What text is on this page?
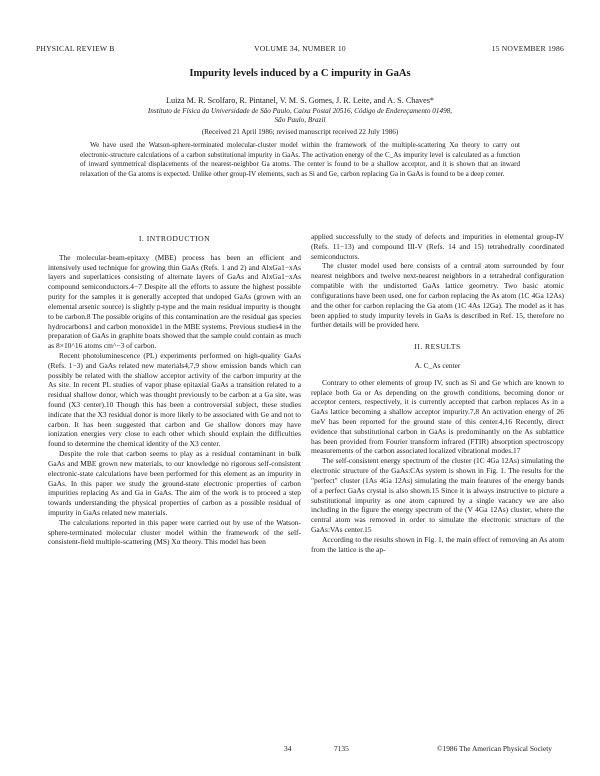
PHYSICAL REVIEW B	VOLUME 34, NUMBER 10	15 NOVEMBER 1986
Impurity levels induced by a C impurity in GaAs
Luiza M. R. Scolfaro, R. Pintanel, V. M. S. Gomes, J. R. Leite, and A. S. Chaves*
Instituto de Física da Universidade de São Paulo, Caixa Postal 20516, Código de Endereçamento 01498,
São Paulo, Brazil
(Received 21 April 1986; revised manuscript received 22 July 1986)

We have used the Watson-sphere-terminated molecular-cluster model within the framework of the multiple-scattering Xα theory to carry out electronic-structure calculations of a carbon substitutional impurity in GaAs. The activation energy of the C_As impurity level is calculated as a function of inward symmetrical displacements of the nearest-neighbor Ga atoms. The center is found to be a shallow acceptor, and it is shown that an inward relaxation of the Ga atoms is expected. Unlike other group-IV elements, such as Si and Ge, carbon replacing Ga in GaAs is found to be a deep center.

I. INTRODUCTION

The molecular-beam-epitaxy (MBE) process has been an efficient and intensively used technique for growing thin GaAs (Refs. 1 and 2) and AlxGa1−xAs layers and superlattices consisting of alternate layers of GaAs and AlxGa1−xAs compound semiconductors.4−7 Despite all the efforts to assure the highest possible purity for the samples it is generally accepted that undoped GaAs (grown with an elemental arsenic source) is slightly p-type and the main residual impurity is thought to be carbon.8 The possible origins of this contamination are the residual gas species hydrocarbons1 and carbon monoxide1 in the MBE systems. Previous studies4 in the preparation of GaAs in graphite boats showed that the sample could contain as much as 8×10^16 atoms cm^−3 of carbon.

Recent photoluminescence (PL) experiments performed on high-quality GaAs (Refs. 1−3) and GaAs related new materials4,7,9 show emission bands which can possibly be related with the shallow acceptor activity of the carbon impurity at the As site. In recent PL studies of vapor phase epitaxial GaAs a transition related to a residual shallow donor, which was thought previously to be carbon at a Ga site, was found (X3 center).10 Though this has been a controversial subject, these studies indicate that the X3 residual donor is more likely to be associated with Ge and not to carbon. It has been suggested that carbon and Ge shallow donors may have ionization energies very close to each other which should explain the difficulties found to determine the chemical identity of the X3 center.

Despite the role that carbon seems to play as a residual contaminant in bulk GaAs and MBE grown new materials, to our knowledge no rigorous self-consistent electronic-state calculations have been performed for this element as an impurity in GaAs. In this paper we study the ground-state electronic properties of carbon impurities replacing As and Ga in GaAs. The aim of the work is to proceed a step towards understanding the physical properties of carbon as a possible residual of impurity in GaAs related new materials.

The calculations reported in this paper were carried out by use of the Watson-sphere-terminated molecular cluster model within the framework of the self-consistent-field multiple-scattering (MS) Xα theory. This model has been

applied successfully to the study of defects and impurities in elemental group-IV (Refs. 11−13) and compound III-V (Refs. 14 and 15) tetrahedrally coordinated semiconductors.

The cluster model used here consists of a central atom surrounded by four nearest neighbors and twelve next-nearest neighbors in a tetrahedral configuration compatible with the undistorted GaAs lattice geometry. Two basic atomic configurations have been used, one for carbon replacing the As atom (1C 4Ga 12As) and the other for carbon replacing the Ga atom (1C 4As 12Ga). The model as it has been applied to study impurity levels in GaAs is described in Ref. 15, therefore no further details will be provided here.

II. RESULTS
A. C_As center

Contrary to other elements of group IV, such as Si and Ge which are known to replace both Ga or As depending on the growth conditions, becoming donor or acceptor centers, respectively, it is currently accepted that carbon replaces As in a GaAs lattice becoming a shallow acceptor impurity.7,8 An activation energy of 26 meV has been reported for the ground state of this center.4,16 Recently, direct evidence that substitutional carbon in GaAs is predominantly on the As sublattice has been provided from Fourier transform infrared (FTIR) absorption spectroscopy measurements of the carbon associated localized vibrational modes.17

The self-consistent energy spectrum of the cluster (1C 4Ga 12As) simulating the electronic structure of the GaAs:CAs system is shown in Fig. 1. The results for the "perfect" cluster (1As 4Ga 12As) simulating the main features of the energy bands of a perfect GaAs crystal is also shown.15 Since it is always instructive to picture a substitutional impurity as one atom captured by a single vacancy we are also including in the figure the energy spectrum of the (V 4Ga 12As) cluster, where the central atom was removed in order to simulate the electronic structure of the GaAs:VAs center.15

According to the results shown in Fig. 1, the main effect of removing an As atom from the lattice is the ap-

34	7135	©1986 The American Physical Society
